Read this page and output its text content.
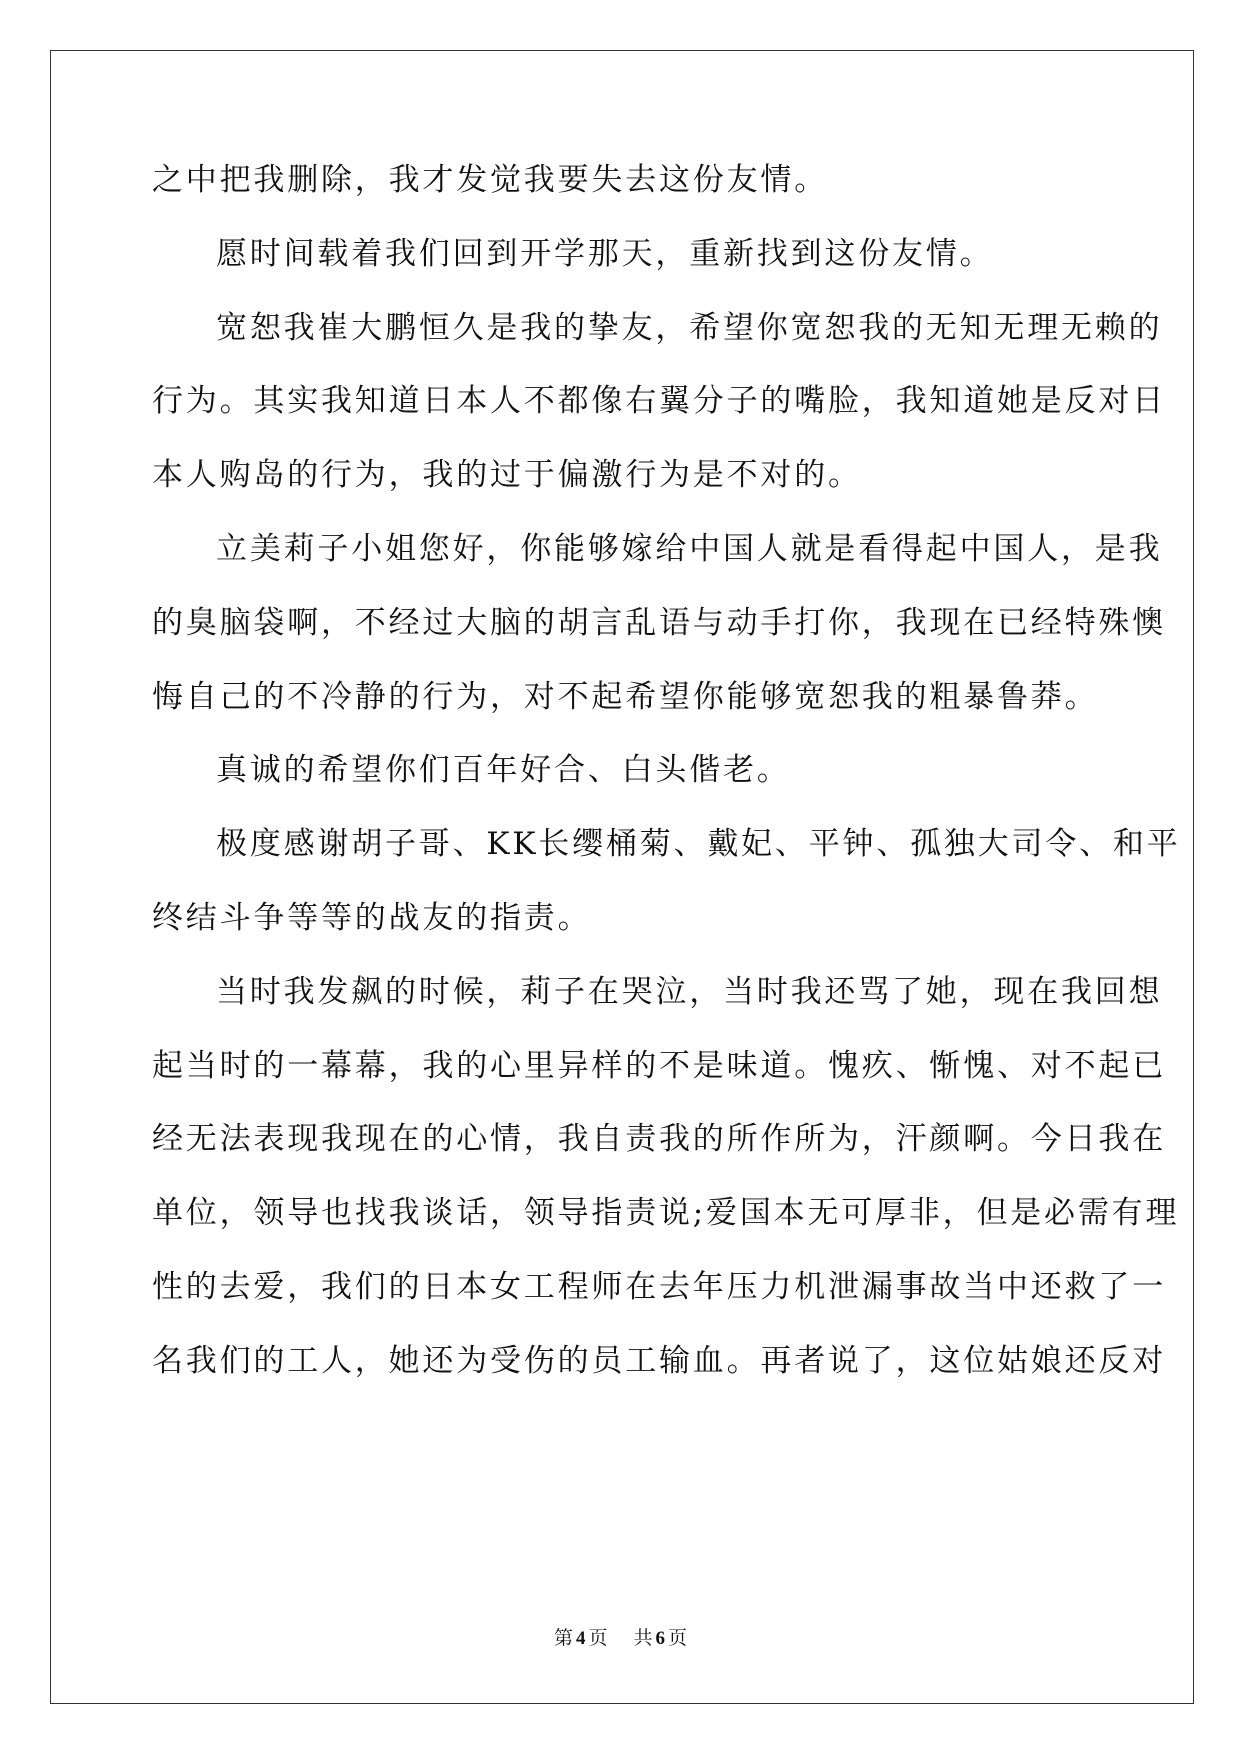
之中把我删除，我才发觉我要失去这份友情。
愿时间载着我们回到开学那天，重新找到这份友情。
宽恕我崔大鹏恒久是我的挚友，希望你宽恕我的无知无理无赖的
行为。其实我知道日本人不都像右翼分子的嘴脸，我知道她是反对日
本人购岛的行为，我的过于偏激行为是不对的。
立美莉子小姐您好，你能够嫁给中国人就是看得起中国人，是我
的臭脑袋啊，不经过大脑的胡言乱语与动手打你，我现在已经特殊懊
悔自己的不冷静的行为，对不起希望你能够宽恕我的粗暴鲁莽。
真诚的希望你们百年好合、白头偕老。
极度感谢胡子哥、KK长缨桶菊、戴妃、平钟、孤独大司令、和平
终结斗争等等的战友的指责。
当时我发飙的时候，莉子在哭泣，当时我还骂了她，现在我回想
起当时的一幕幕，我的心里异样的不是味道。愧疚、惭愧、对不起已
经无法表现我现在的心情，我自责我的所作所为，汗颜啊。今日我在
单位，领导也找我谈话，领导指责说;爱国本无可厚非，但是必需有理
性的去爱，我们的日本女工程师在去年压力机泄漏事故当中还救了一
名我们的工人，她还为受伤的员工输血。再者说了，这位姑娘还反对
第 4 页 共 6 页
